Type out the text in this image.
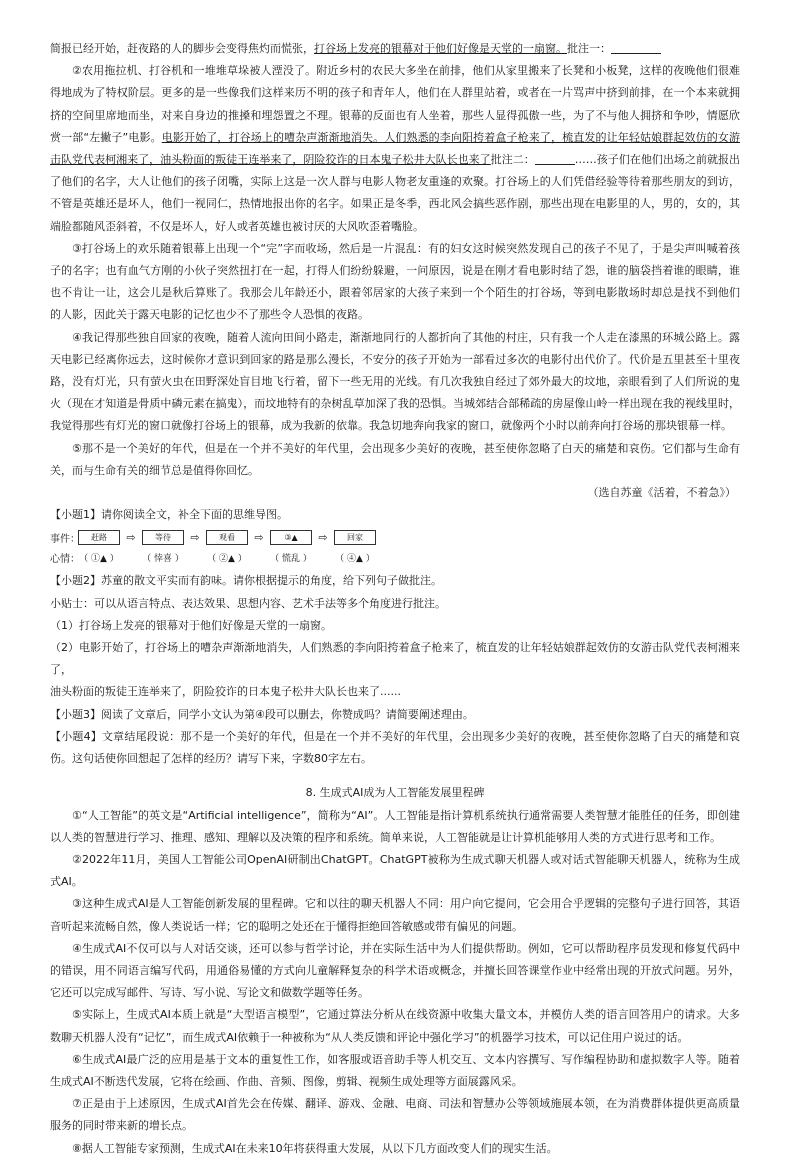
简报已经开始，赶夜路的人的脚步会变得焦灼而慌张，打谷场上发亮的银幕对于他们好像是天堂的一扇窗。批注一：

②农用拖拉机、打谷机和一堆堆草垛被人湮没了。附近乡村的农民大多坐在前排，他们从家里搬来了长凳和小板凳，这样的夜晚他们很难得地成为了特权阶层。更多的是一些像我们这样来历不明的孩子和青年人，他们在人群里站着，或者在一片骂声中挤到前排，在一个本来就拥挤的空间里席地而坐，对来自身边的推搡和埋怨置之不理。银幕的反面也有人坐着，那些人显得孤傲一些，为了不与他人拥挤和争吵，情愿欣赏一部“左撇子”电影。电影开始了，打谷场上的嘈杂声渐渐地消失。人们熟悉的李向阳挎着盒子枪来了，梳直发的让年轻姑娘群起效仿的女游击队党代表柯湘来了，油头粉面的叛徒王连举来了，阴险狡诈的日本鬼子松井大队长也来了批注二：	……孩子们在他们出场之前就报出了他们的名字，大人让他们的孩子闭嘴，实际上这是一次人群与电影人物老友重逢的欢聚。打谷场上的人们凭借经验等待着那些朋友的到访，不管是英雄还是坏人，他们一视同仁，热情地报出你的名字。如果正是冬季，西北风会搞些恶作剧，那些出现在电影里的人，男的，女的，其端脸都随风歪斜着，不仅是坏人，好人或者英雄也被讨厌的大风吹歪着嘴脸。

③打谷场上的欢乐随着银幕上出现一个“完”字而收场，然后是一片混乱：有的妇女这时候突然发现自己的孩子不见了，于是尖声叫喊着孩子的名字；也有血气方刚的小伙子突然扭打在一起，打得人们纷纷躲避，一问原因，说是在刚才看电影时结了怨，谁的脑袋挡着谁的眼睛，谁也不肯让一让，这会儿是秋后算账了。我那会儿年龄还小，跟着邻居家的大孩子来到一个个陌生的打谷场，等到电影散场时却总是找不到他们的人影，因此关于露天电影的记忆也少不了那些令人恐惧的夜路。

④我记得那些独自回家的夜晚，随着人流向田间小路走，渐渐地同行的人都折向了其他的村庄，只有我一个人走在漆黑的环城公路上。露天电影已经离你远去，这时候你才意识到回家的路是那么漫长，不安分的孩子开始为一部看过多次的电影付出代价了。代价是五里甚至十里夜路，没有灯光，只有萤火虫在田野深处盲目地飞行着，留下一些无用的光线。有几次我独自经过了郊外最大的坟地，亲眼看到了人们所说的鬼火（现在才知道是骨质中磷元素在搞鬼），而坟地特有的杂树乱草加深了我的恐惧。当城郊结合部稀疏的房屋像山岭一样出现在我的视线里时，我觉得那些有灯光的窗口就像打谷场上的银幕，成为我新的依靠。我急切地奔向我家的窗口，就像两个小时以前奔向打谷场的那块银幕一样。

⑤那不是一个美好的年代，但是在一个并不美好的年代里，会出现多少美好的夜晚，甚至使你忽略了白天的痛楚和哀伤。它们都与生命有关，而与生命有关的细节总是值得你回忆。

（选自苏童《活着，不着急》）

【小题1】请你阅读全文，补全下面的思维导图。

事件：	赶路	⇨	等待	⇨	观看	⇨	③▲	⇨	回家
心情： （ ①▲ ）	（ 悻喜 ）	（ ②▲ ）	（ 慌乱 ）	（ ④▲ ）

【小题2】苏童的散文平实而有韵味。请你根据提示的角度，给下列句子做批注。

小贴士：可以从语言特点、表达效果、思想内容、艺术手法等多个角度进行批注。

（1）打谷场上发亮的银幕对于他们好像是天堂的一扇窗。

（2）电影开始了，打谷场上的嘈杂声渐渐地消失，人们熟悉的李向阳挎着盒子枪来了，梳直发的让年轻姑娘群起效仿的女游击队党代表柯湘来了，

油头粉面的叛徒王连举来了，阴险狡诈的日本鬼子松井大队长也来了......

【小题3】阅读了文章后，同学小文认为第④段可以删去，你赞成吗？请简要阐述理由。

【小题4】文章结尾段说：那不是一个美好的年代，但是在一个并不美好的年代里，会出现多少美好的夜晚，甚至使你忽略了白天的痛楚和哀伤。这句话使你回想起了怎样的经历？请写下来，字数80字左右。

8. 生成式AI成为人工智能发展里程碑

①“人工智能”的英文是“Artificial intelligence”，简称为“AI”。人工智能是指计算机系统执行通常需要人类智慧才能胜任的任务，即创建以人类的智慧进行学习、推理、感知、理解以及决策的程序和系统。简单来说，人工智能就是让计算机能够用人类的方式进行思考和工作。

②2022年11月，美国人工智能公司OpenAI研制出ChatGPT。ChatGPT被称为生成式聊天机器人或对话式智能聊天机器人，统称为生成式AI。

③这种生成式AI是人工智能创新发展的里程碑。它和以往的聊天机器人不同：用户向它提问，它会用合乎逻辑的完整句子进行回答，其语音听起来流畅自然，像人类说话一样；它的聪明之处还在于懂得拒绝回答敏感或带有偏见的问题。

④生成式AI不仅可以与人对话交谈，还可以参与哲学讨论，并在实际生活中为人们提供帮助。例如，它可以帮助程序员发现和修复代码中的错误，用不同语言编写代码，用通俗易懂的方式向儿童解释复杂的科学术语或概念，并擅长回答课堂作业中经常出现的开放式问题。另外，它还可以完成写邮件、写诗、写小说、写论文和做数学题等任务。

⑤实际上，生成式AI本质上就是“大型语言模型”，它通过算法分析从在线资源中收集大量文本，并模仿人类的语言回答用户的请求。大多数聊天机器人没有“记忆”，而生成式AI依赖于一种被称为“从人类反馈和评论中强化学习”的机器学习技术，可以记住用户说过的话。

⑥生成式AI最广泛的应用是基于文本的重复性工作，如客服或语音助手等人机交互、文本内容撰写、写作编程协助和虚拟数字人等。随着生成式AI不断迭代发展，它将在绘画、作曲、音频、图像，剪辑、视频生成处理等方面展露风采。

⑦正是由于上述原因，生成式AI首先会在传媒、翻译、游戏、金融、电商、司法和智慧办公等领域施展本领，在为消费群体提供更高质量服务的同时带来新的增长点。

⑧据人工智能专家预测，生成式AI在未来10年将获得重大发展，从以下几方面改变人们的现实生活。
